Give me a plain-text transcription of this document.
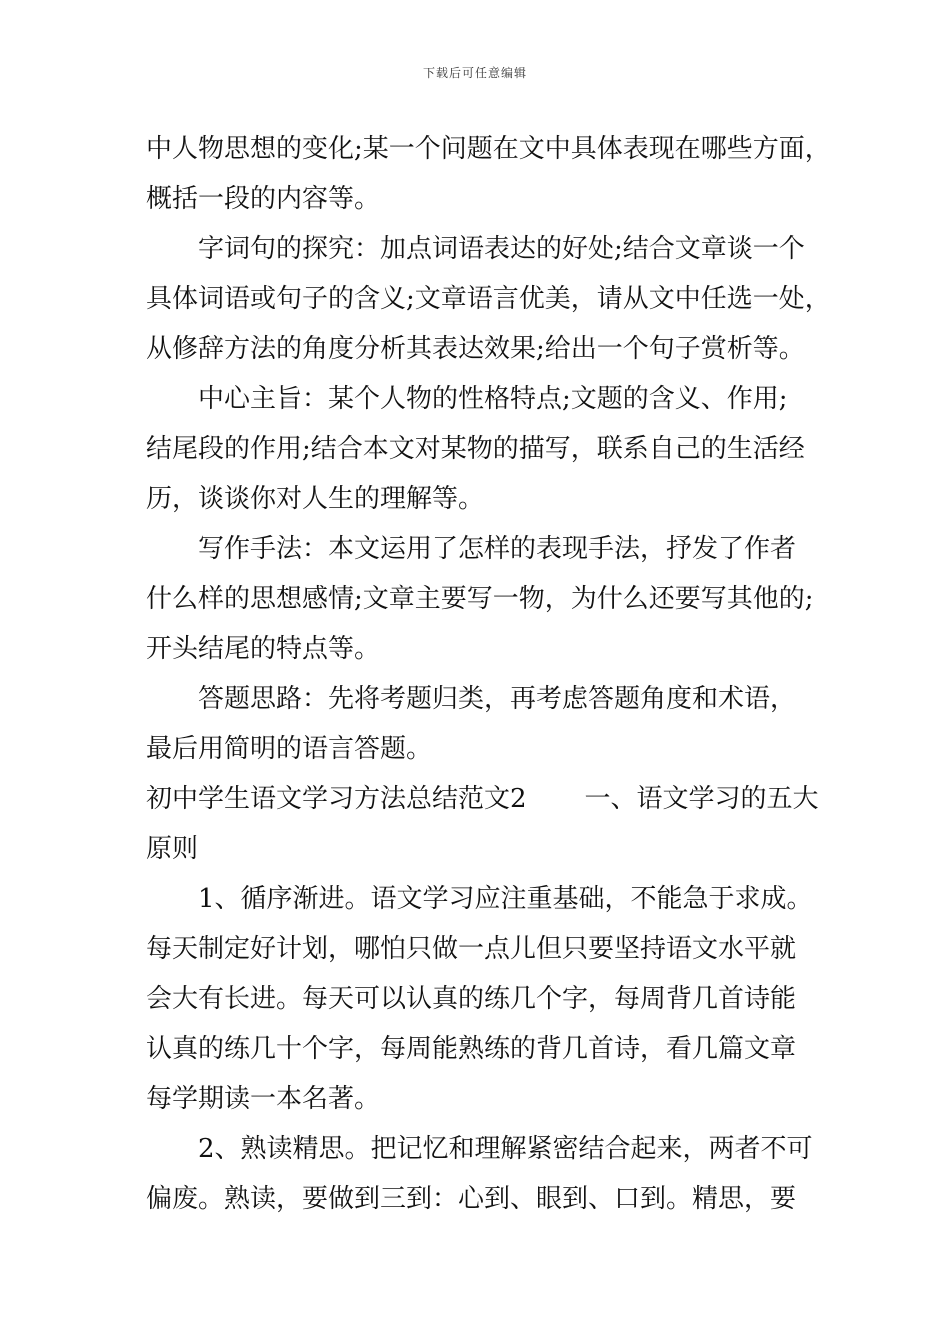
下载后可任意编辑
中人物思想的变化;某一个问题在文中具体表现在哪些方面，
概括一段的内容等。
字词句的探究：加点词语表达的好处;结合文章谈一个
具体词语或句子的含义;文章语言优美，请从文中任选一处，
从修辞方法的角度分析其表达效果;给出一个句子赏析等。
中心主旨：某个人物的性格特点;文题的含义、作用;
结尾段的作用;结合本文对某物的描写，联系自己的生活经
历，谈谈你对人生的理解等。
写作手法：本文运用了怎样的表现手法，抒发了作者
什么样的思想感情;文章主要写一物，为什么还要写其他的;
开头结尾的特点等。
答题思路：先将考题归类，再考虑答题角度和术语，
最后用简明的语言答题。
初中学生语文学习方法总结范文2 一、语文学习的五大
原则
1、循序渐进。语文学习应注重基础，不能急于求成。
每天制定好计划，哪怕只做一点儿但只要坚持语文水平就
会大有长进。每天可以认真的练几个字，每周背几首诗能
认真的练几十个字，每周能熟练的背几首诗，看几篇文章
每学期读一本名著。
2、熟读精思。把记忆和理解紧密结合起来，两者不可
偏废。熟读，要做到三到：心到、眼到、口到。精思，要
